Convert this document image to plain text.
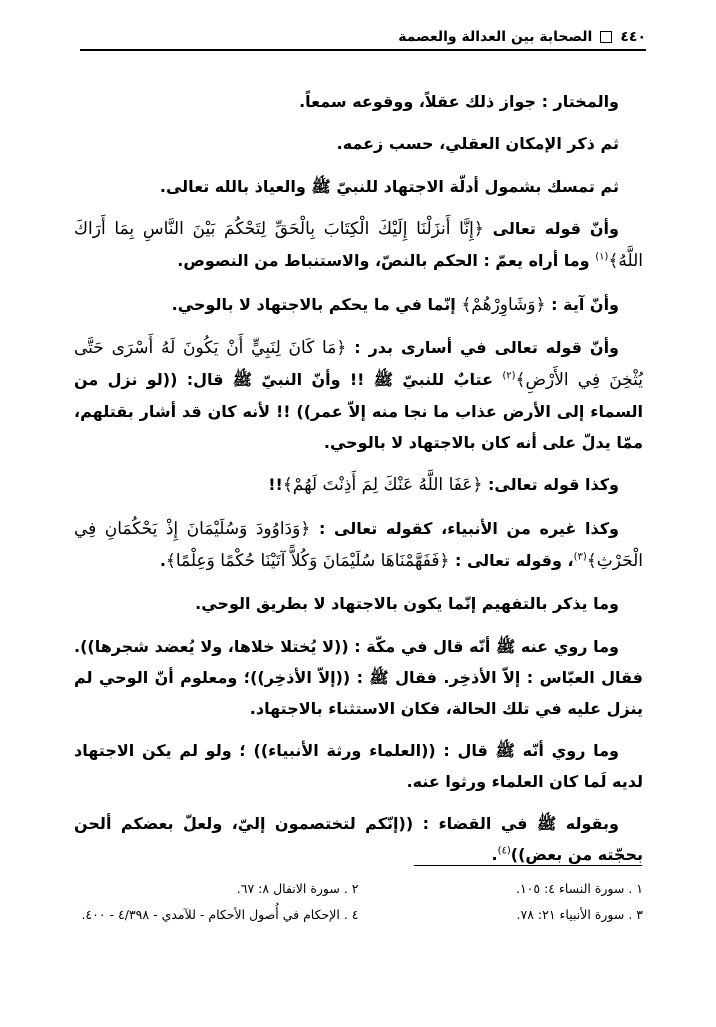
٤٤٠
الصحابة بين العدالة والعصمة

والمختار : جواز ذلك عقلاً، ووقوعه سمعاً.

ثم ذكر الإمكان العقلي، حسب زعمه.

ثم تمسك بشمول أدلّة الاجتهاد للنبيّ ﷺ والعياذ بالله تعالى.

وأنّ قوله تعالى ﴿إِنَّا أَنزَلْنَا إِلَيْكَ الْكِتَابَ بِالْحَقِّ لِتَحْكُمَ بَيْنَ النَّاسِ بِمَا أَرَاكَ اللَّهُ﴾$^{(١)}$ وما أراه يعمّ : الحكم بالنصّ، والاستنباط من النصوص.

وأنّ آية : ﴿وَشَاوِرْهُمْ﴾ إنّما في ما يحكم بالاجتهاد لا بالوحي.

وأنّ قوله تعالى في أسارى بدر : ﴿مَا كَانَ لِنَبِيٍّ أَنْ يَكُونَ لَهُ أَسْرَى حَتَّى يُثْخِنَ فِي الأَرْضِ﴾$^{(٢)}$ عتابٌ للنبيّ ﷺ !! وأنّ النبيّ ﷺ قال: ((لو نزل من السماء إلى الأرض عذاب ما نجا منه إلاّ عمر)) !! لأنه كان قد أشار بقتلهم، ممّا يدلّ على أنه كان بالاجتهاد لا بالوحي.

وكذا قوله تعالى: ﴿عَفَا اللَّهُ عَنْكَ لِمَ أَذِنْتَ لَهُمْ﴾!!

وكذا غيره من الأنبياء، كقوله تعالى : ﴿وَدَاوُودَ وَسُلَيْمَانَ إِذْ يَحْكُمَانِ فِي الْحَرْثِ﴾$^{(٣)}$، وقوله تعالى : ﴿فَفَهَّمْنَاهَا سُلَيْمَانَ وَكُلاًّ آتَيْنَا حُكْمًا وَعِلْمًا﴾.

وما يذكر بالتفهيم إنّما يكون بالاجتهاد لا بطريق الوحي.

وما روي عنه ﷺ أنّه قال في مكّة : ((لا يُختلا خلاها، ولا يُعضد شجرها)). فقال العبّاس : إلاّ الأذخِر. فقال ﷺ : ((إلاّ الأذخِر))؛ ومعلوم أنّ الوحي لم ينزل عليه في تلك الحالة، فكان الاستثناء بالاجتهاد.

وما روي أنّه ﷺ قال : ((العلماء ورثة الأنبياء)) ؛ ولو لم يكن الاجتهاد لديه لَما كان العلماء ورثوا عنه.

وبقوله ﷺ في القضاء : ((إنّكم لتختصمون إليّ، ولعلّ بعضكم ألحن بحجّته من بعض))$^{(٤)}$.

١ . سورة النساء ٤: ١٠٥.
٢ . سورة الانفال ٨: ٦٧.
٣ . سورة الأنبياء ٢١: ٧٨.
٤ . الإحكام في أُصول الأحكام - للآمدي - ٤/٣٩٨ - ٤٠٠.
